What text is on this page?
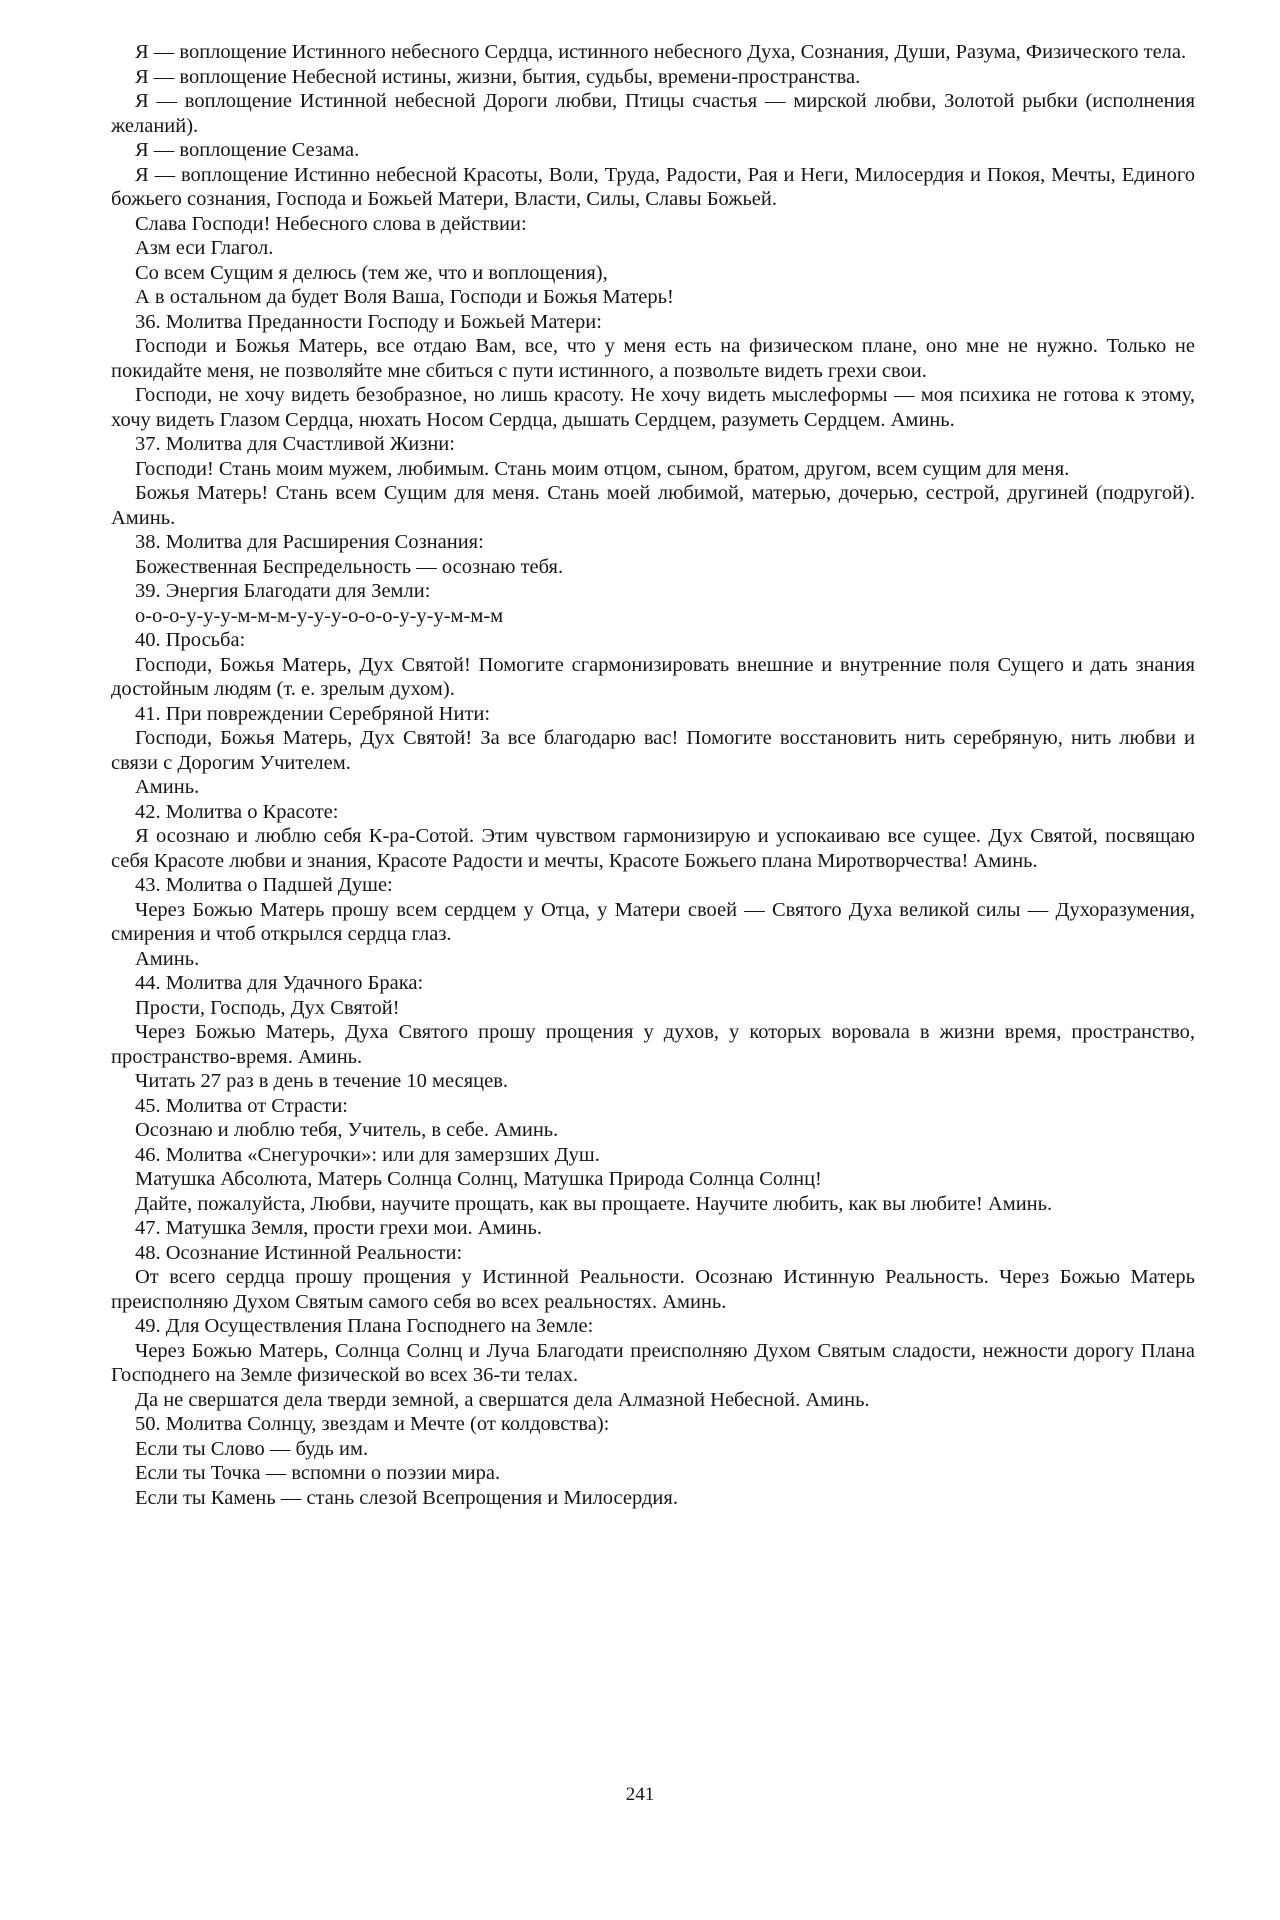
Я — воплощение Истинного небесного Сердца, истинного небесного Духа, Сознания, Души, Разума, Физического тела.

Я — воплощение Небесной истины, жизни, бытия, судьбы, времени-пространства.

Я — воплощение Истинной небесной Дороги любви, Птицы счастья — мирской любви, Золотой рыбки (исполнения желаний).

Я — воплощение Сезама.

Я — воплощение Истинно небесной Красоты, Воли, Труда, Радости, Рая и Неги, Милосердия и Покоя, Мечты, Единого божьего сознания, Господа и Божьей Матери, Власти, Силы, Славы Божьей.

Слава Господи! Небесного слова в действии:

Азм еси Глагол.

Со всем Сущим я делюсь (тем же, что и воплощения),

А в остальном да будет Воля Ваша, Господи и Божья Матерь!

36. Молитва Преданности Господу и Божьей Матери:

Господи и Божья Матерь, все отдаю Вам, все, что у меня есть на физическом плане, оно мне не нужно. Только не покидайте меня, не позволяйте мне сбиться с пути истинного, а позвольте видеть грехи свои.

Господи, не хочу видеть безобразное, но лишь красоту. Не хочу видеть мыслеформы — моя психика не готова к этому, хочу видеть Глазом Сердца, нюхать Носом Сердца, дышать Сердцем, разуметь Сердцем. Аминь.

37. Молитва для Счастливой Жизни:

Господи! Стань моим мужем, любимым. Стань моим отцом, сыном, братом, другом, всем сущим для меня.

Божья Матерь! Стань всем Сущим для меня. Стань моей любимой, матерью, дочерью, сестрой, другиней (подругой). Аминь.

38. Молитва для Расширения Сознания:

Божественная Беспредельность — осознаю тебя.

39. Энергия Благодати для Земли:

о-о-о-у-у-у-м-м-м-у-у-у-о-о-о-у-у-у-м-м-м

40. Просьба:

Господи, Божья Матерь, Дух Святой! Помогите сгармонизировать внешние и внутренние поля Сущего и дать знания достойным людям (т. е. зрелым духом).

41. При повреждении Серебряной Нити:

Господи, Божья Матерь, Дух Святой! За все благодарю вас! Помогите восстановить нить серебряную, нить любви и связи с Дорогим Учителем.

Аминь.

42. Молитва о Красоте:

Я осознаю и люблю себя К-ра-Сотой. Этим чувством гармонизирую и успокаиваю все сущее. Дух Святой, посвящаю себя Красоте любви и знания, Красоте Радости и мечты, Красоте Божьего плана Миротворчества! Аминь.

43. Молитва о Падшей Душе:

Через Божью Матерь прошу всем сердцем у Отца, у Матери своей — Святого Духа великой силы — Духоразумения, смирения и чтоб открылся сердца глаз.

Аминь.

44. Молитва для Удачного Брака:

Прости, Господь, Дух Святой!

Через Божью Матерь, Духа Святого прошу прощения у духов, у которых воровала в жизни время, пространство, пространство-время. Аминь.

Читать 27 раз в день в течение 10 месяцев.

45. Молитва от Страсти:

Осознаю и люблю тебя, Учитель, в себе. Аминь.

46. Молитва «Снегурочки»: или для замерзших Душ.

Матушка Абсолюта, Матерь Солнца Солнц, Матушка Природа Солнца Солнц!

Дайте, пожалуйста, Любви, научите прощать, как вы прощаете. Научите любить, как вы любите! Аминь.

47. Матушка Земля, прости грехи мои. Аминь.

48. Осознание Истинной Реальности:

От всего сердца прошу прощения у Истинной Реальности. Осознаю Истинную Реальность. Через Божью Матерь преисполняю Духом Святым самого себя во всех реальностях. Аминь.

49. Для Осуществления Плана Господнего на Земле:

Через Божью Матерь, Солнца Солнц и Луча Благодати преисполняю Духом Святым сладости, нежности дорогу Плана Господнего на Земле физической во всех 36-ти телах.

Да не свершатся дела тверди земной, а свершатся дела Алмазной Небесной. Аминь.

50. Молитва Солнцу, звездам и Мечте (от колдовства):

Если ты Слово — будь им.

Если ты Точка — вспомни о поэзии мира.

Если ты Камень — стань слезой Всепрощения и Милосердия.

241
